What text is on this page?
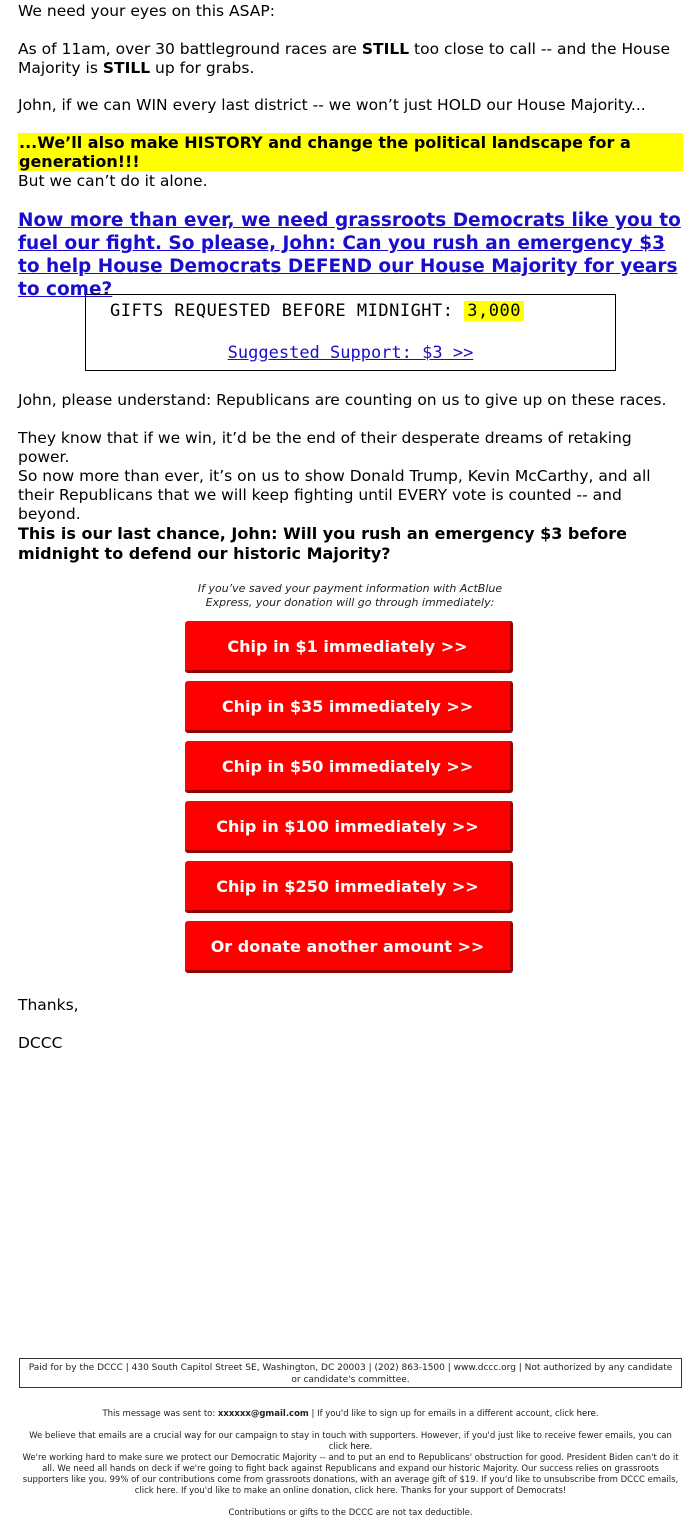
We need your eyes on this ASAP:

As of 11am, over 30 battleground races are STILL too close to call -- and the House Majority is STILL up for grabs.

John, if we can WIN every last district -- we won’t just HOLD our House Majority...

...We’ll also make HISTORY and change the political landscape for a generation!!!

But we can’t do it alone.

Now more than ever, we need grassroots Democrats like you to fuel our fight. So please, John: Can you rush an emergency $3 to help House Democrats DEFEND our House Majority for years to come?
GIFTS REQUESTED BEFORE MIDNIGHT: 3,000
Suggested Support: $3 >>

John, please understand: Republicans are counting on us to give up on these races.

They know that if we win, it’d be the end of their desperate dreams of retaking power.

So now more than ever, it’s on us to show Donald Trump, Kevin McCarthy, and all their Republicans that we will keep fighting until EVERY vote is counted -- and beyond.

This is our last chance, John: Will you rush an emergency $3 before midnight to defend our historic Majority?

If you’ve saved your payment information with ActBlue Express, your donation will go through immediately:
Chip in $1 immediately >>
Chip in $35 immediately >>
Chip in $50 immediately >>
Chip in $100 immediately >>
Chip in $250 immediately >>
Or donate another amount >>

Thanks,

DCCC

Paid for by the DCCC | 430 South Capitol Street SE, Washington, DC 20003 | (202) 863-1500 | www.dccc.org | Not authorized by any candidate or candidate's committee.
This message was sent to: xxxxxx@gmail.com | If you'd like to sign up for emails in a different account, click here.
We believe that emails are a crucial way for our campaign to stay in touch with supporters. However, if you'd just like to receive fewer emails, you can click here.
We're working hard to make sure we protect our Democratic Majority -- and to put an end to Republicans' obstruction for good. President Biden can't do it all. We need all hands on deck if we're going to fight back against Republicans and expand our historic Majority. Our success relies on grassroots supporters like you. 99% of our contributions come from grassroots donations, with an average gift of $19. If you'd like to unsubscribe from DCCC emails, click here. If you'd like to make an online donation, click here. Thanks for your support of Democrats!
Contributions or gifts to the DCCC are not tax deductible.
